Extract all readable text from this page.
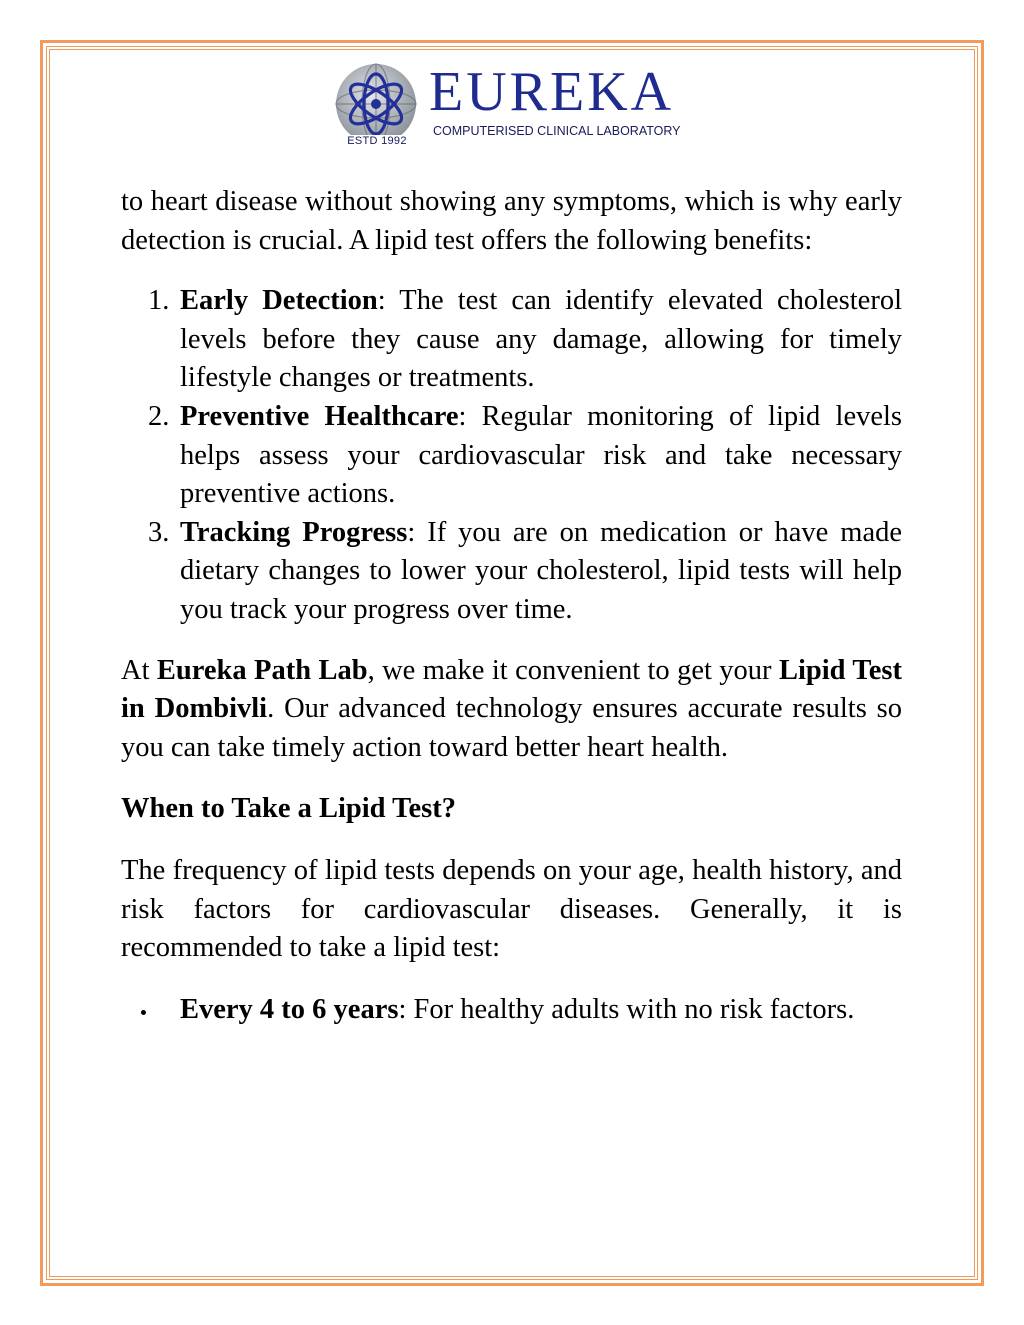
ESTD 1992
EUREKA
COMPUTERISED CLINICAL LABORATORY

to heart disease without showing any symptoms, which is why early detection is crucial. A lipid test offers the following benefits:

1. Early Detection: The test can identify elevated cholesterol levels before they cause any damage, allowing for timely lifestyle changes or treatments.
2. Preventive Healthcare: Regular monitoring of lipid levels helps assess your cardiovascular risk and take necessary preventive actions.
3. Tracking Progress: If you are on medication or have made dietary changes to lower your cholesterol, lipid tests will help you track your progress over time.

At Eureka Path Lab, we make it convenient to get your Lipid Test in Dombivli. Our advanced technology ensures accurate results so you can take timely action toward better heart health.

When to Take a Lipid Test?

The frequency of lipid tests depends on your age, health history, and risk factors for cardiovascular diseases. Generally, it is recommended to take a lipid test:

Every 4 to 6 years: For healthy adults with no risk factors.
